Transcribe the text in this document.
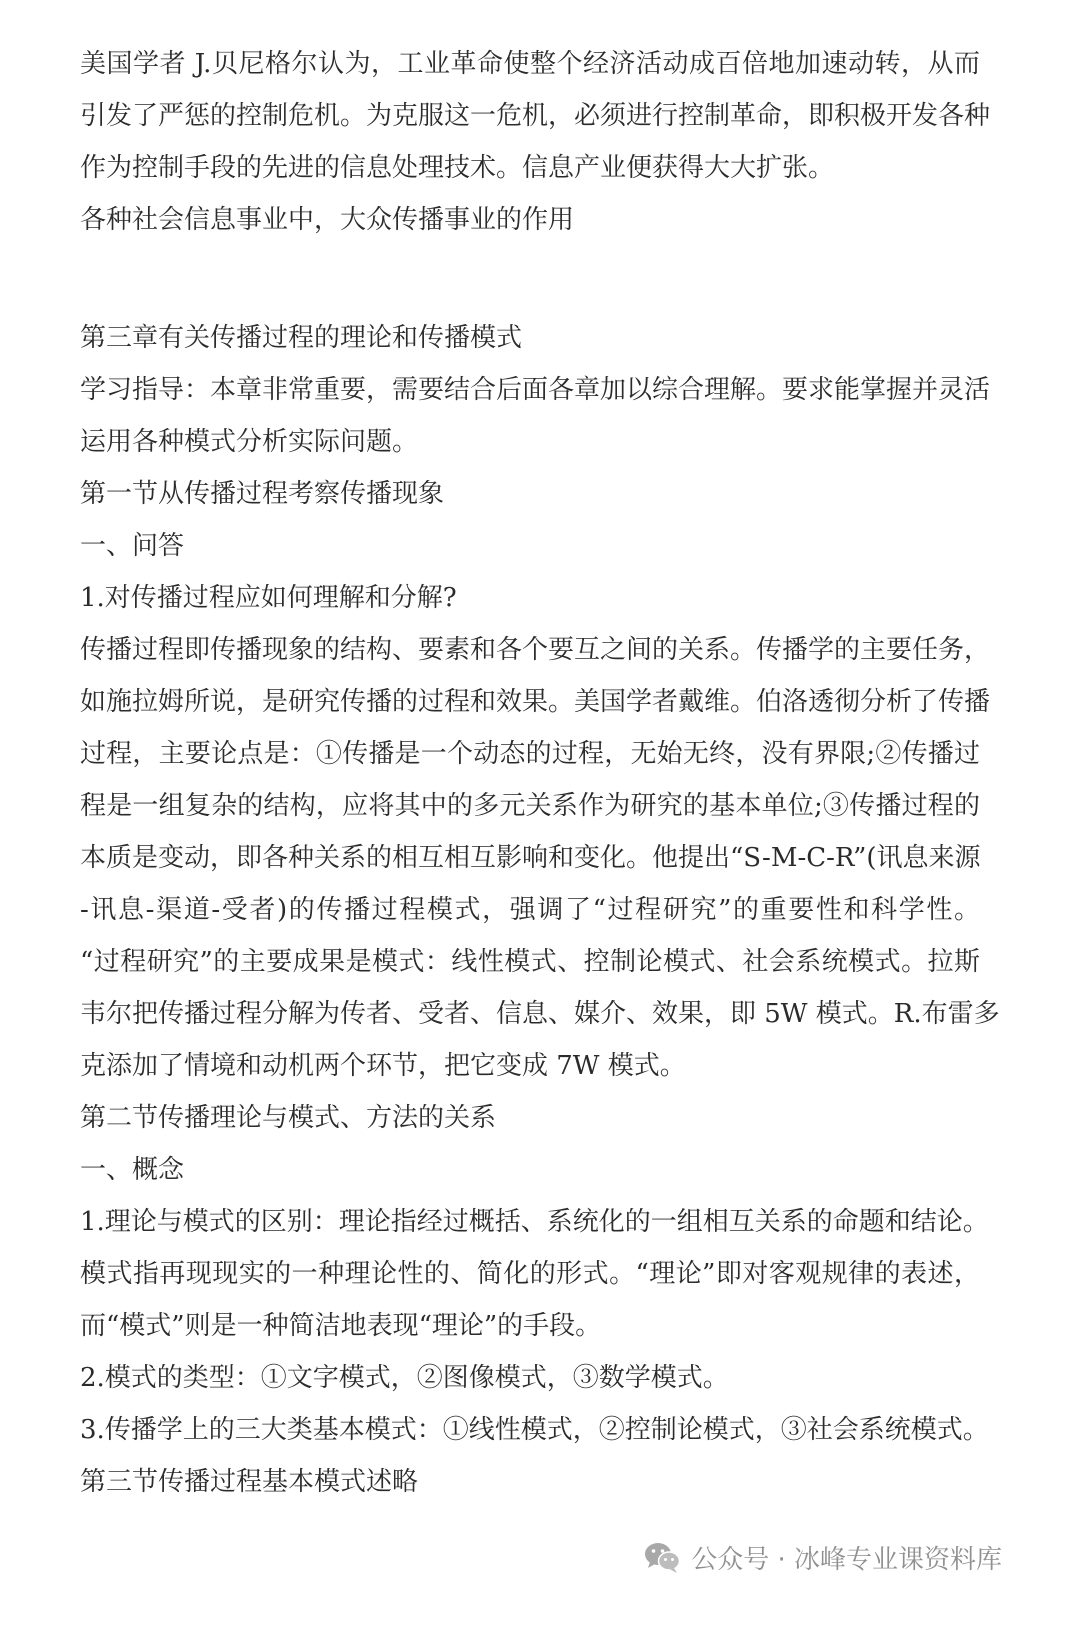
美国学者 J.贝尼格尔认为，工业革命使整个经济活动成百倍地加速动转，从而
引发了严惩的控制危机。为克服这一危机，必须进行控制革命，即积极开发各种
作为控制手段的先进的信息处理技术。信息产业便获得大大扩张。
各种社会信息事业中，大众传播事业的作用
第三章有关传播过程的理论和传播模式
学习指导：本章非常重要，需要结合后面各章加以综合理解。要求能掌握并灵活
运用各种模式分析实际问题。
第一节从传播过程考察传播现象
一、问答
1.对传播过程应如何理解和分解?
传播过程即传播现象的结构、要素和各个要互之间的关系。传播学的主要任务，
如施拉姆所说，是研究传播的过程和效果。美国学者戴维。伯洛透彻分析了传播
过程，主要论点是：①传播是一个动态的过程，无始无终，没有界限;②传播过
程是一组复杂的结构，应将其中的多元关系作为研究的基本单位;③传播过程的
本质是变动，即各种关系的相互相互影响和变化。他提出“S-M-C-R”(讯息来源
-讯息-渠道-受者)的传播过程模式，强调了“过程研究”的重要性和科学性。
“过程研究”的主要成果是模式：线性模式、控制论模式、社会系统模式。拉斯
韦尔把传播过程分解为传者、受者、信息、媒介、效果，即 5W 模式。R.布雷多
克添加了情境和动机两个环节，把它变成 7W 模式。
第二节传播理论与模式、方法的关系
一、概念
1.理论与模式的区别：理论指经过概括、系统化的一组相互关系的命题和结论。
模式指再现现实的一种理论性的、简化的形式。“理论”即对客观规律的表述，
而“模式”则是一种简洁地表现“理论”的手段。
2.模式的类型：①文字模式，②图像模式，③数学模式。
3.传播学上的三大类基本模式：①线性模式，②控制论模式，③社会系统模式。
第三节传播过程基本模式述略
公众号 · 冰峰专业课资料库
